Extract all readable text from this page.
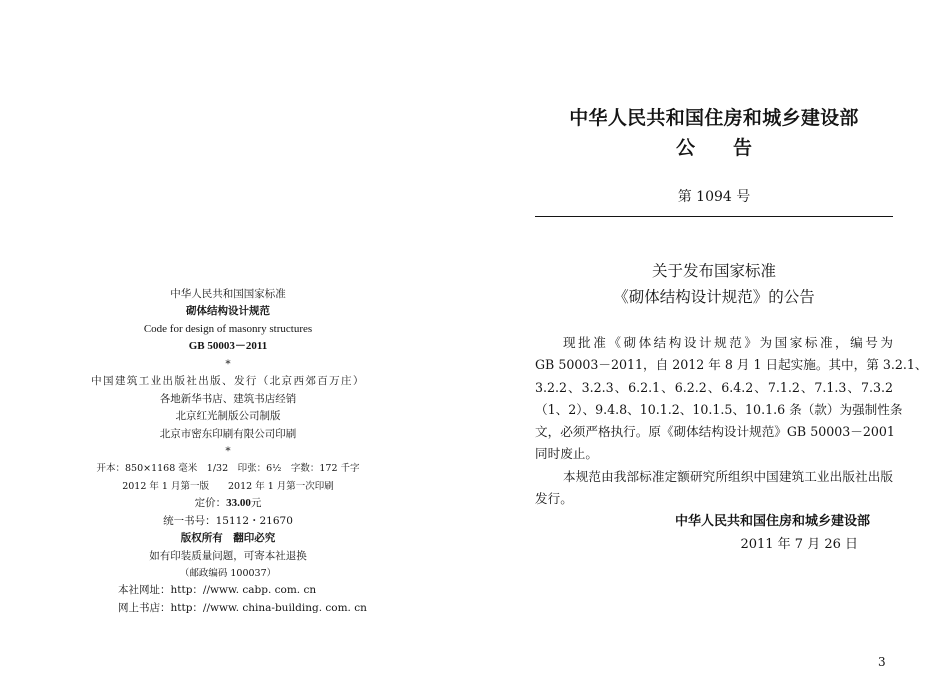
中华人民共和国国家标准
砌体结构设计规范
Code for design of masonry structures
GB 50003－2011
*
中国建筑工业出版社出版、发行（北京西郊百万庄）
各地新华书店、建筑书店经销
北京红光制版公司制版
北京市密东印刷有限公司印刷
*
开本：850×1168 毫米　1/32　印张：6½　字数：172 千字
2012 年 1 月第一版　　2012 年 1 月第一次印刷
定价：33.00元
统一书号：15112・21670
版权所有　翻印必究
如有印装质量问题，可寄本社退换
（邮政编码 100037）
本社网址：http：//www. cabp. com. cn
网上书店：http：//www. china-building. com. cn
中华人民共和国住房和城乡建设部
公　　告
第 1094 号
关于发布国家标准
《砌体结构设计规范》的公告
现批准《砌体结构设计规范》为国家标准，编号为
GB 50003－2011，自 2012 年 8 月 1 日起实施。其中，第 3.2.1、
3.2.2、3.2.3、6.2.1、6.2.2、6.4.2、7.1.2、7.1.3、7.3.2
（1、2）、9.4.8、10.1.2、10.1.5、10.1.6 条（款）为强制性条
文，必须严格执行。原《砌体结构设计规范》GB 50003－2001
同时废止。
本规范由我部标准定额研究所组织中国建筑工业出版社出版
发行。
中华人民共和国住房和城乡建设部
2011 年 7 月 26 日
3
